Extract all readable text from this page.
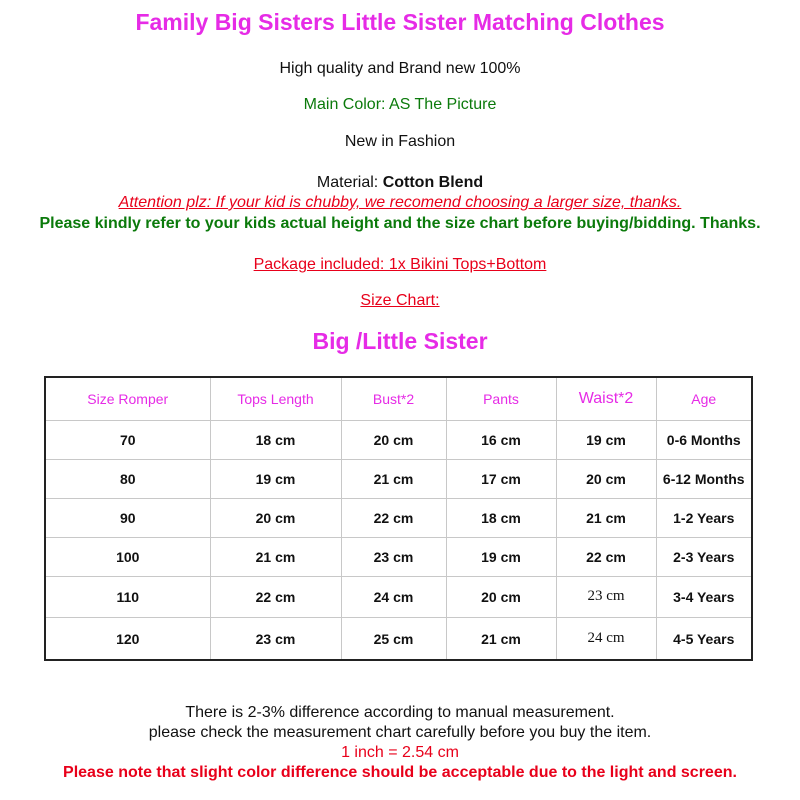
Family Big Sisters Little Sister Matching Clothes
High quality and Brand new 100%
Main Color: AS The Picture
New in Fashion
Material: Cotton Blend
Attention plz: If your kid is chubby, we recomend choosing a larger size, thanks.
Please kindly refer to your kids actual height and the size chart before buying/bidding. Thanks.
Package included: 1x Bikini Tops+Bottom
Size Chart:
Big /Little Sister
Size Romper	Tops Length	Bust*2	Pants	Waist*2	Age
70	18 cm	20 cm	16 cm	19 cm	0-6 Months
80	19 cm	21 cm	17 cm	20 cm	6-12 Months
90	20 cm	22 cm	18 cm	21 cm	1-2 Years
100	21 cm	23 cm	19 cm	22 cm	2-3 Years
110	22 cm	24 cm	20 cm	23 cm	3-4 Years
120	23 cm	25 cm	21 cm	24 cm	4-5 Years
There is 2-3% difference according to manual measurement.
please check the measurement chart carefully before you buy the item.
1 inch = 2.54 cm
Please note that slight color difference should be acceptable due to the light and screen.
